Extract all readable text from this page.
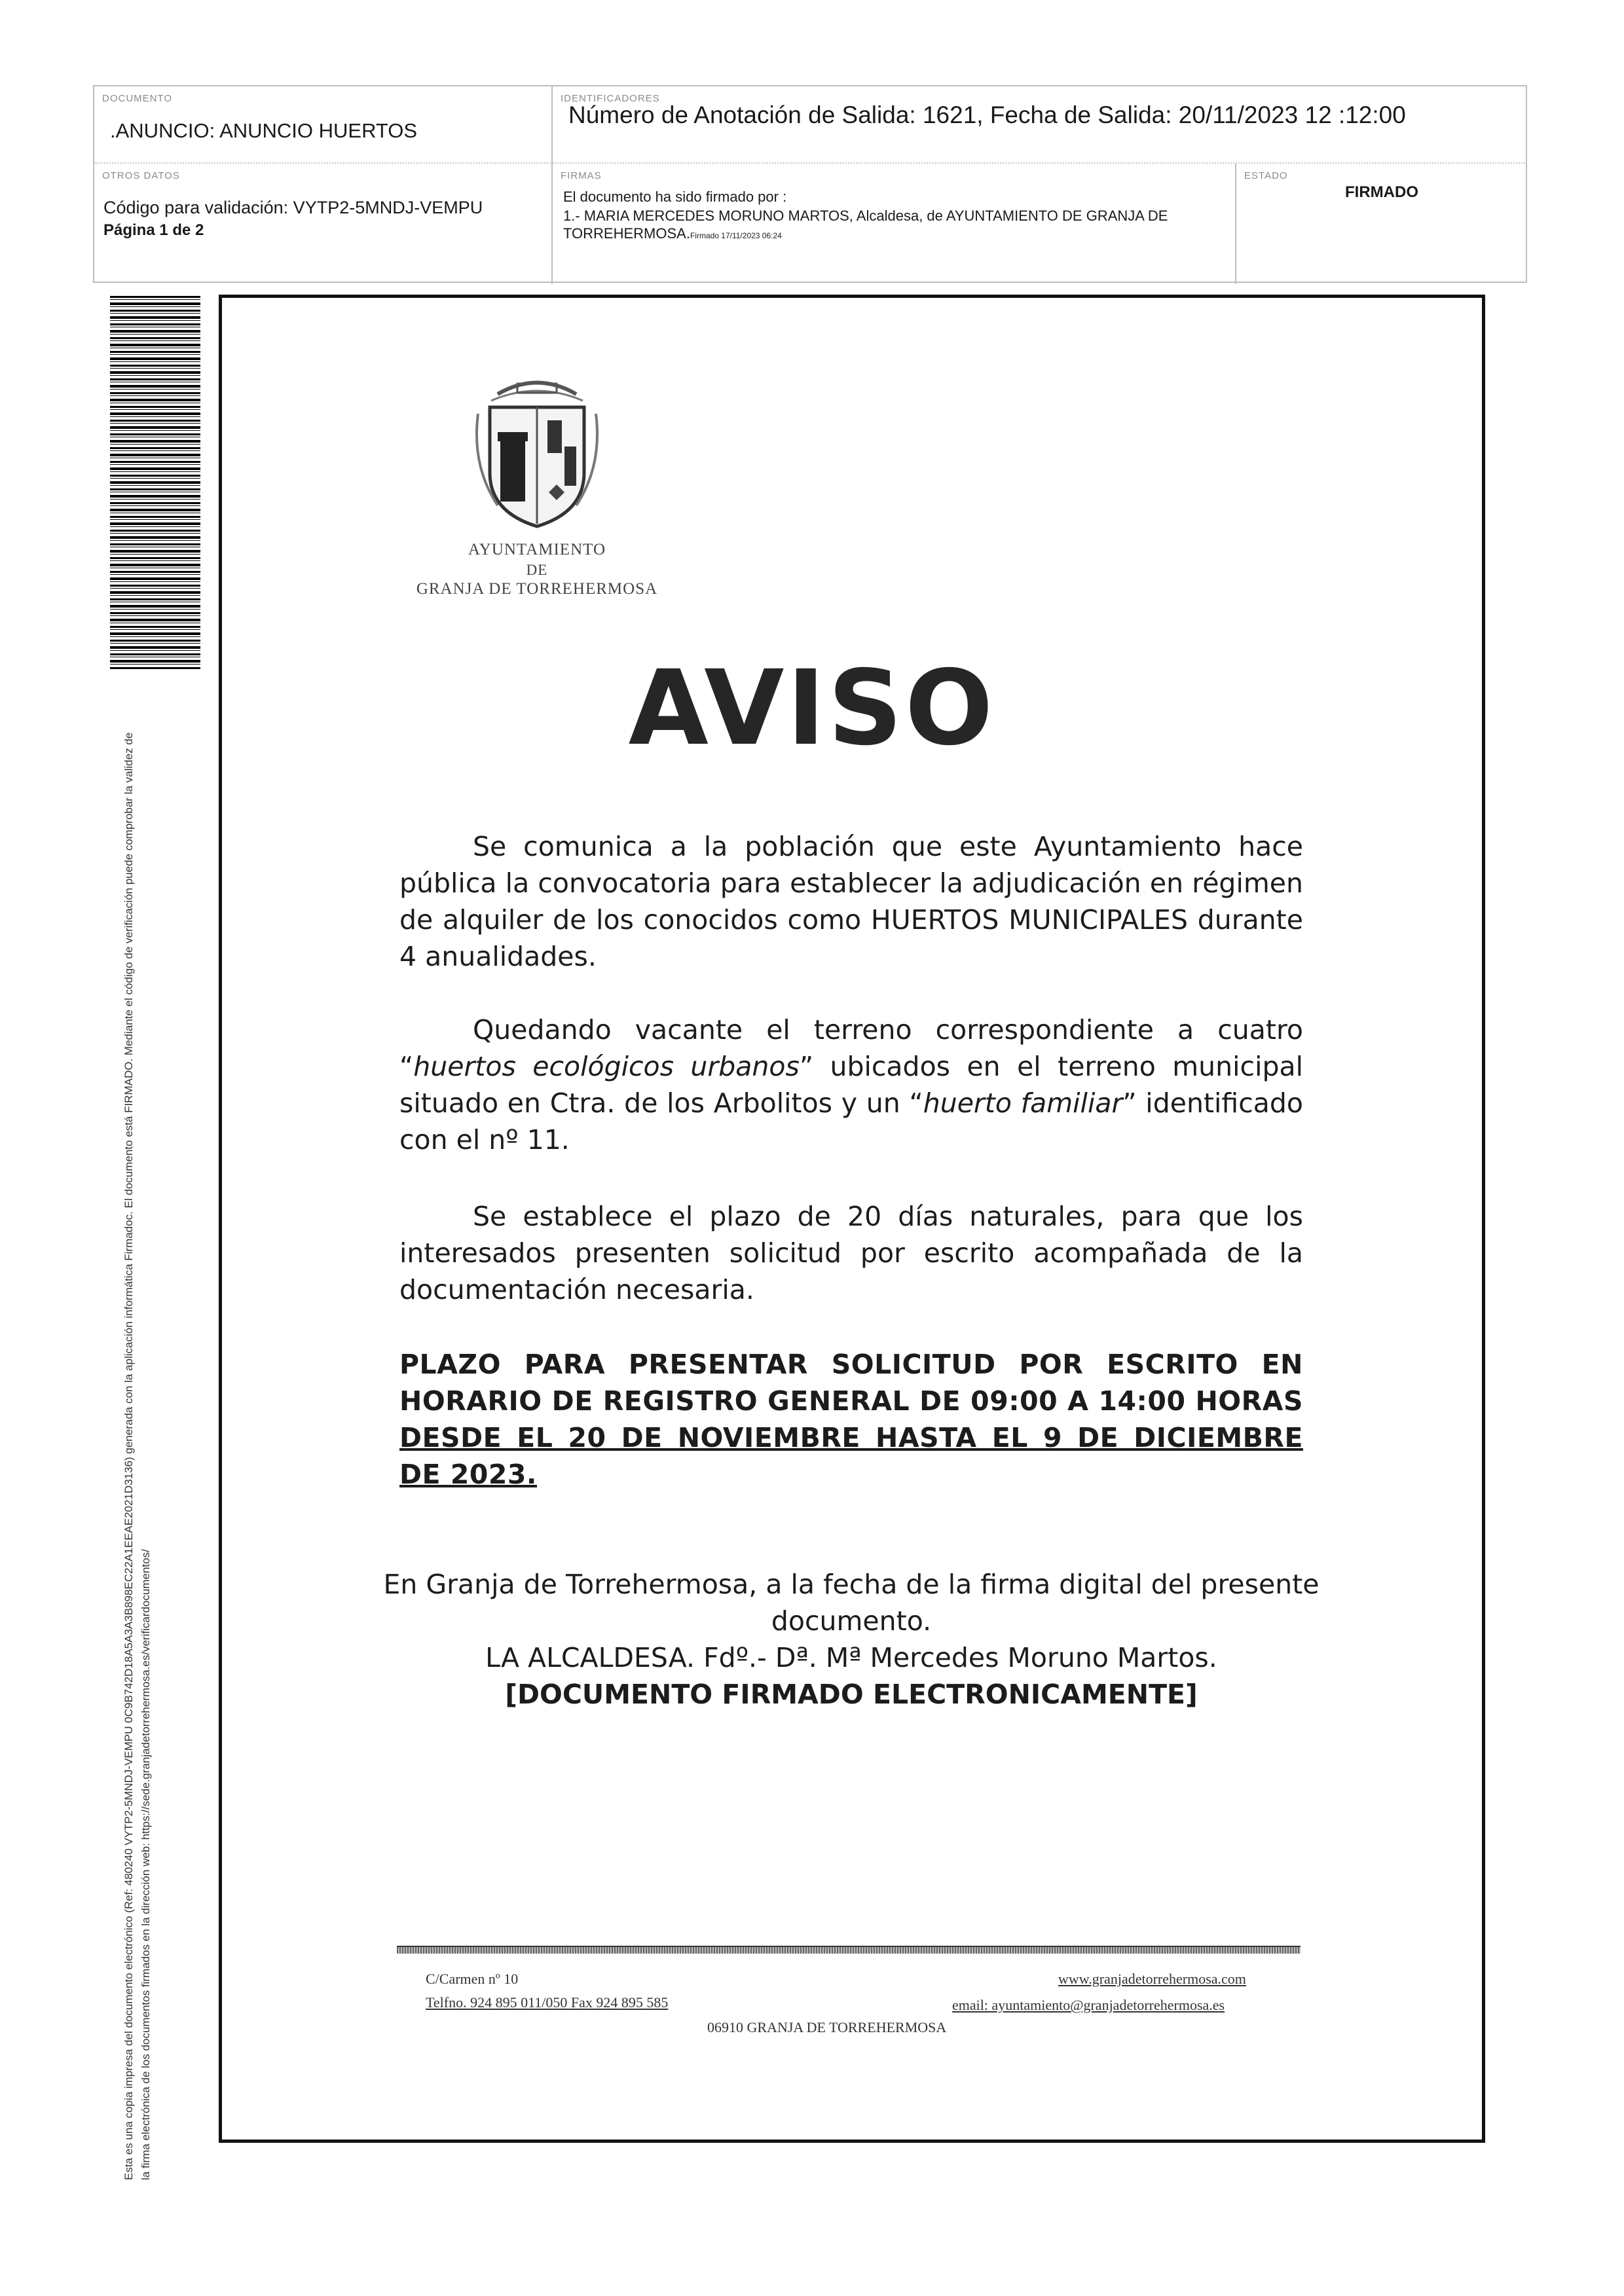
DOCUMENTO
.ANUNCIO: ANUNCIO HUERTOS
IDENTIFICADORES
Número de Anotación de Salida: 1621, Fecha de Salida: 20/11/2023 12 :12:00
OTROS DATOS
Código para validación: VYTP2-5MNDJ-VEMPU
Página 1 de 2
FIRMAS
El documento ha sido firmado por :
1.- MARIA MERCEDES MORUNO MARTOS, Alcaldesa, de AYUNTAMIENTO DE GRANJA DE TORREHERMOSA.Firmado 17/11/2023 06:24
ESTADO
FIRMADO
Esta es una copia impresa del documento electrónico (Ref: 480240 VYTP2-5MNDJ-VEMPU 0C9B742D18A5A3A3B898EC22A1EEAE2021D3136) generada con la aplicación informática Firmadoc. El documento está FIRMADO. Mediante el código de verificación puede comprobar la validez de la firma electrónica de los documentos firmados en la dirección web: https://sede.granjadetorrehermosa.es/verificardocumentos/
AYUNTAMIENTO
DE
GRANJA DE TORREHERMOSA
AVISO
Se comunica a la población que este Ayuntamiento hace pública la convocatoria para establecer la adjudicación en régimen de alquiler de los conocidos como HUERTOS MUNICIPALES durante 4 anualidades.
Quedando vacante el terreno correspondiente a cuatro “huertos ecológicos urbanos” ubicados en el terreno municipal situado en Ctra. de los Arbolitos y un “huerto familiar” identificado con el nº 11.
Se establece el plazo de 20 días naturales, para que los interesados presenten solicitud por escrito acompañada de la documentación necesaria.
PLAZO PARA PRESENTAR SOLICITUD POR ESCRITO EN HORARIO DE REGISTRO GENERAL DE 09:00 A 14:00 HORAS DESDE EL 20 DE NOVIEMBRE HASTA EL 9 DE DICIEMBRE DE 2023.
En Granja de Torrehermosa, a la fecha de la firma digital del presente documento.
LA ALCALDESA. Fdº.- Dª. Mª Mercedes Moruno Martos.
[DOCUMENTO FIRMADO ELECTRONICAMENTE]
C/Carmen nº 10
Telfno. 924 895 011/050 Fax 924 895 585
www.granjadetorrehermosa.com
email: ayuntamiento@granjadetorrehermosa.es
06910 GRANJA DE TORREHERMOSA
